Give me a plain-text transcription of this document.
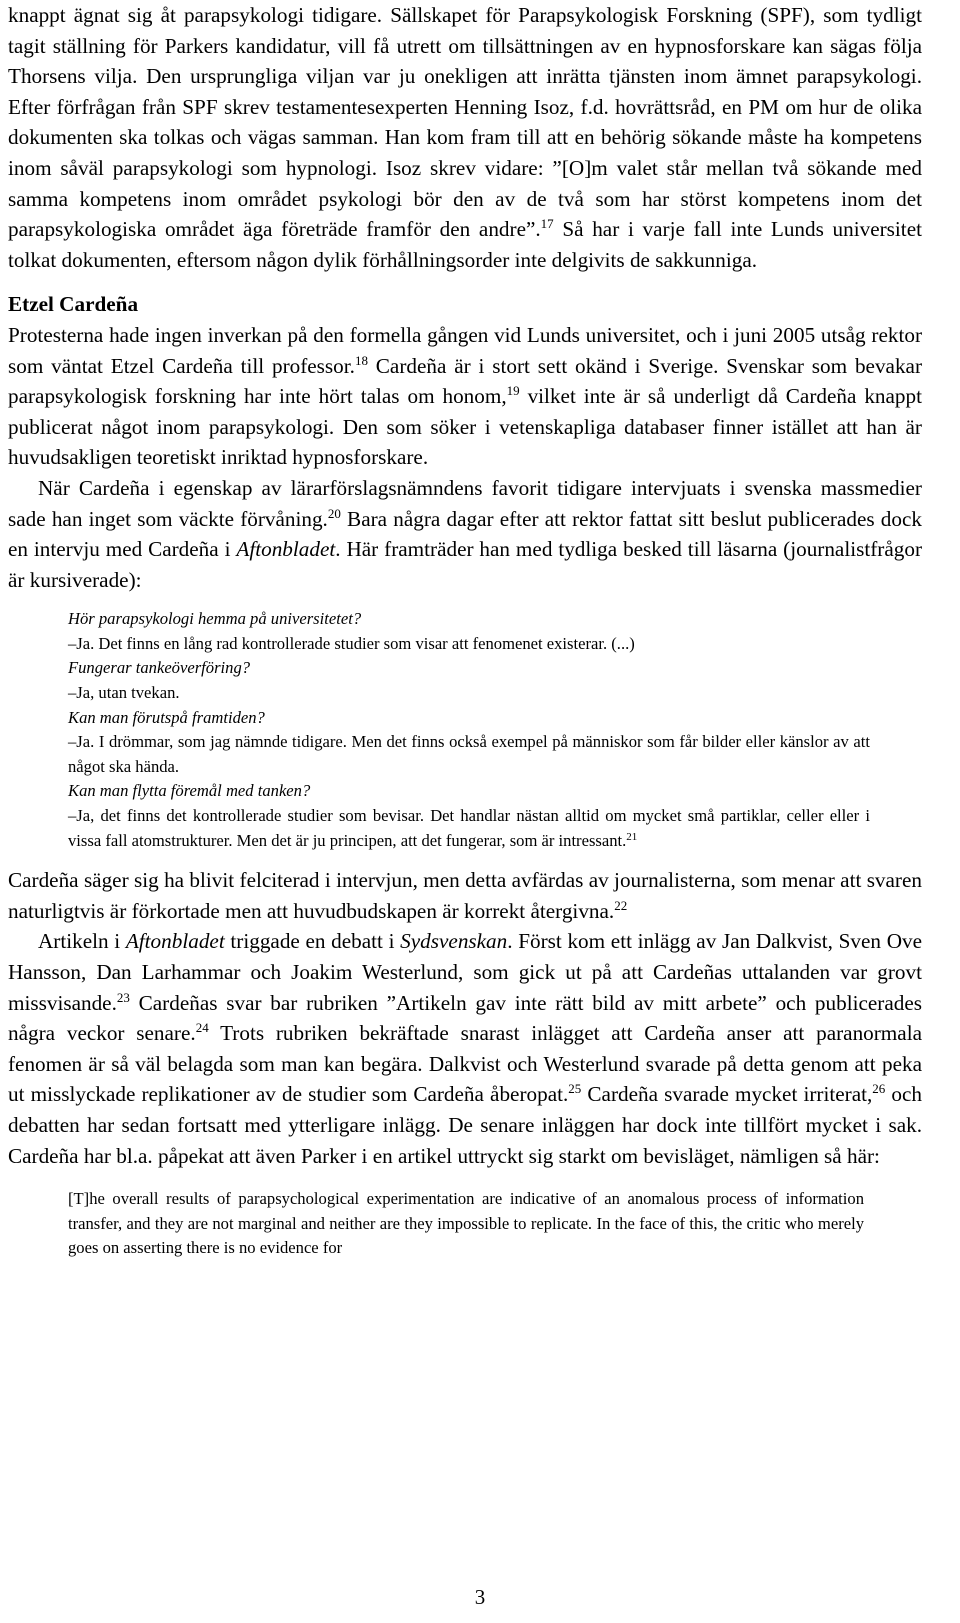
knappt ägnat sig åt parapsykologi tidigare. Sällskapet för Parapsykologisk Forskning (SPF), som tydligt tagit ställning för Parkers kandidatur, vill få utrett om tillsättningen av en hypnosforskare kan sägas följa Thorsens vilja. Den ursprungliga viljan var ju onekligen att inrätta tjänsten inom ämnet parapsykologi. Efter förfrågan från SPF skrev testamentesexperten Henning Isoz, f.d. hovrättsråd, en PM om hur de olika dokumenten ska tolkas och vägas samman. Han kom fram till att en behörig sökande måste ha kompetens inom såväl parapsykologi som hypnologi. Isoz skrev vidare: ”[O]m valet står mellan två sökande med samma kompetens inom området psykologi bör den av de två som har störst kompetens inom det parapsykologiska området äga företräde framför den andre”.$^{17}$ Så har i varje fall inte Lunds universitet tolkat dokumenten, eftersom någon dylik förhållningsorder inte delgivits de sakkunniga.

Etzel Cardeña

Protesterna hade ingen inverkan på den formella gången vid Lunds universitet, och i juni 2005 utsåg rektor som väntat Etzel Cardeña till professor.$^{18}$ Cardeña är i stort sett okänd i Sverige. Svenskar som bevakar parapsykologisk forskning har inte hört talas om honom,$^{19}$ vilket inte är så underligt då Cardeña knappt publicerat något inom parapsykologi. Den som söker i vetenskapliga databaser finner istället att han är huvudsakligen teoretiskt inriktad hypnosforskare.

När Cardeña i egenskap av lärarförslagsnämndens favorit tidigare intervjuats i svenska massmedier sade han inget som väckte förvåning.$^{20}$ Bara några dagar efter att rektor fattat sitt beslut publicerades dock en intervju med Cardeña i Aftonbladet. Här framträder han med tydliga besked till läsarna (journalistfrågor är kursiverade):

Hör parapsykologi hemma på universitetet?

–Ja. Det finns en lång rad kontrollerade studier som visar att fenomenet existerar. (...)

Fungerar tankeöverföring?

–Ja, utan tvekan.

Kan man förutspå framtiden?

–Ja. I drömmar, som jag nämnde tidigare. Men det finns också exempel på människor som får bilder eller känslor av att något ska hända.

Kan man flytta föremål med tanken?

–Ja, det finns det kontrollerade studier som bevisar. Det handlar nästan alltid om mycket små partiklar, celler eller i vissa fall atomstrukturer. Men det är ju principen, att det fungerar, som är intressant.$^{21}$

Cardeña säger sig ha blivit felciterad i intervjun, men detta avfärdas av journalisterna, som menar att svaren naturligtvis är förkortade men att huvudbudskapen är korrekt återgivna.$^{22}$

Artikeln i Aftonbladet triggade en debatt i Sydsvenskan. Först kom ett inlägg av Jan Dalkvist, Sven Ove Hansson, Dan Larhammar och Joakim Westerlund, som gick ut på att Cardeñas uttalanden var grovt missvisande.$^{23}$ Cardeñas svar bar rubriken ”Artikeln gav inte rätt bild av mitt arbete” och publicerades några veckor senare.$^{24}$ Trots rubriken bekräftade snarast inlägget att Cardeña anser att paranormala fenomen är så väl belagda som man kan begära. Dalkvist och Westerlund svarade på detta genom att peka ut misslyckade replikationer av de studier som Cardeña åberopat.$^{25}$ Cardeña svarade mycket irriterat,$^{26}$ och debatten har sedan fortsatt med ytterligare inlägg. De senare inläggen har dock inte tillfört mycket i sak. Cardeña har bl.a. påpekat att även Parker i en artikel uttryckt sig starkt om bevisläget, nämligen så här:

[T]he overall results of parapsychological experimentation are indicative of an anomalous process of information transfer, and they are not marginal and neither are they impossible to replicate. In the face of this, the critic who merely goes on asserting there is no evidence for

3
